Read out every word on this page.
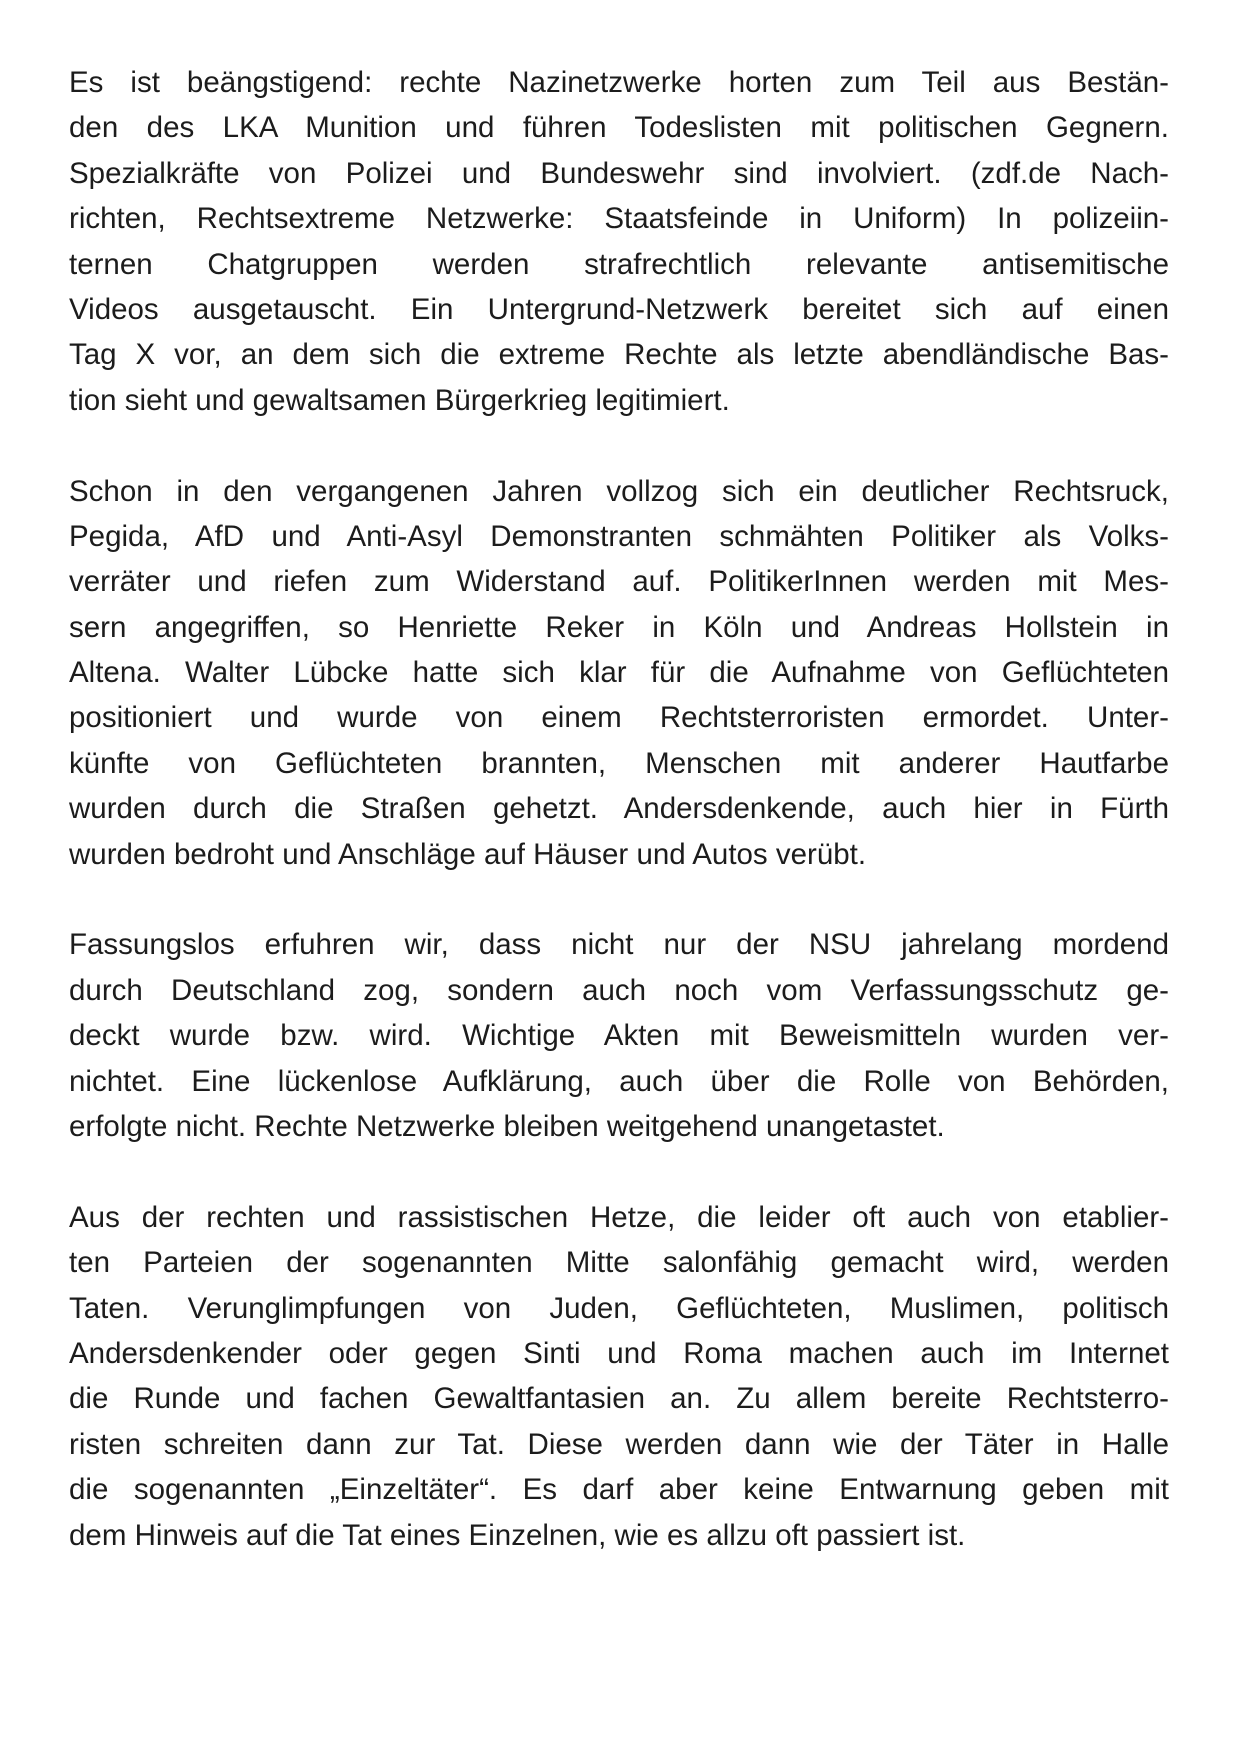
Es ist beängstigend: rechte Nazinetzwerke horten zum Teil aus Bestän-
den des LKA Munition und führen Todeslisten mit politischen Gegnern.
Spezialkräfte von Polizei und Bundeswehr sind involviert. (zdf.de Nach-
richten, Rechtsextreme Netzwerke: Staatsfeinde in Uniform) In polizeiin-
ternen Chatgruppen werden strafrechtlich relevante antisemitische
Videos ausgetauscht. Ein Untergrund-Netzwerk bereitet sich auf einen
Tag X vor, an dem sich die extreme Rechte als letzte abendländische Bas-
tion sieht und gewaltsamen Bürgerkrieg legitimiert.
Schon in den vergangenen Jahren vollzog sich ein deutlicher Rechtsruck,
Pegida, AfD und Anti-Asyl Demonstranten schmähten Politiker als Volks-
verräter und riefen zum Widerstand auf. PolitikerInnen werden mit Mes-
sern angegriffen, so Henriette Reker in Köln und Andreas Hollstein in
Altena. Walter Lübcke hatte sich klar für die Aufnahme von Geflüchteten
positioniert und wurde von einem Rechtsterroristen ermordet. Unter-
künfte von Geflüchteten brannten, Menschen mit anderer Hautfarbe
wurden durch die Straßen gehetzt. Andersdenkende, auch hier in Fürth
wurden bedroht und Anschläge auf Häuser und Autos verübt.
Fassungslos erfuhren wir, dass nicht nur der NSU jahrelang mordend
durch Deutschland zog, sondern auch noch vom Verfassungsschutz ge-
deckt wurde bzw. wird. Wichtige Akten mit Beweismitteln wurden ver-
nichtet. Eine lückenlose Aufklärung, auch über die Rolle von Behörden,
erfolgte nicht. Rechte Netzwerke bleiben weitgehend unangetastet.
Aus der rechten und rassistischen Hetze, die leider oft auch von etablier-
ten Parteien der sogenannten Mitte salonfähig gemacht wird, werden
Taten. Verunglimpfungen von Juden, Geflüchteten, Muslimen, politisch
Andersdenkender oder gegen Sinti und Roma machen auch im Internet
die Runde und fachen Gewaltfantasien an. Zu allem bereite Rechtsterro-
risten schreiten dann zur Tat. Diese werden dann wie der Täter in Halle
die sogenannten „Einzeltäter“. Es darf aber keine Entwarnung geben mit
dem Hinweis auf die Tat eines Einzelnen, wie es allzu oft passiert ist.
